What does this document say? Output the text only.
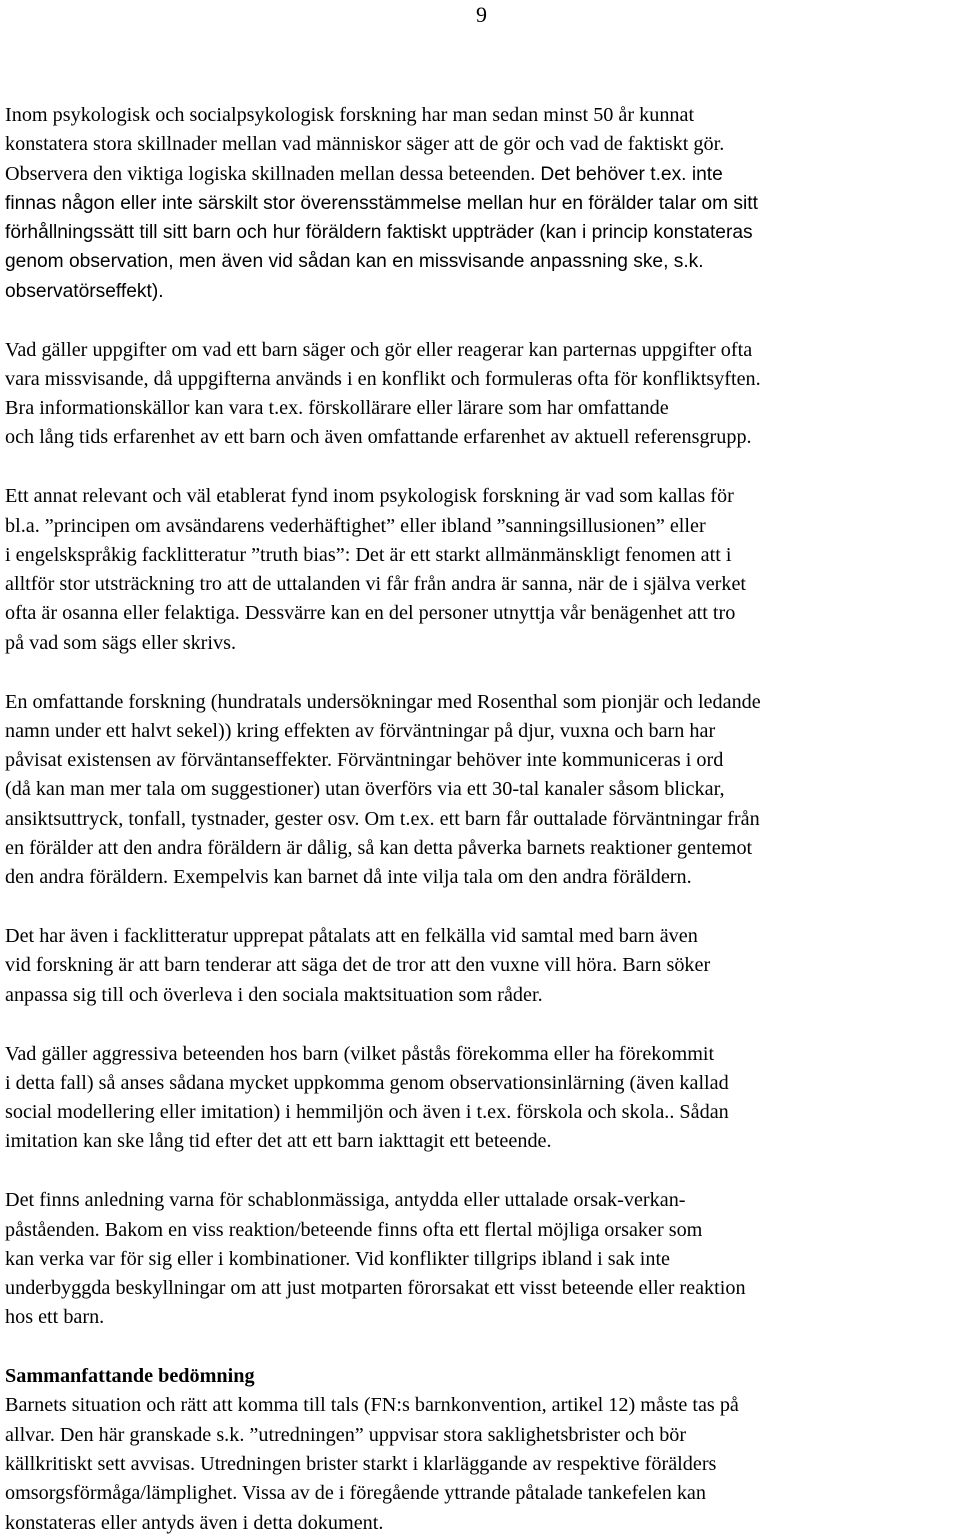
9
Inom psykologisk och socialpsykologisk forskning har man sedan minst 50 år kunnat
konstatera stora skillnader mellan vad människor säger att de gör och vad de faktiskt gör.
Observera den viktiga logiska skillnaden mellan dessa beteenden. Det behöver t.ex. inte
finnas någon eller inte särskilt stor överensstämmelse mellan hur en förälder talar om sitt
förhållningssätt till sitt barn och hur föräldern faktiskt uppträder (kan i princip konstateras
genom observation, men även vid sådan kan en missvisande anpassning ske, s.k.
observatörseffekt).
Vad gäller uppgifter om vad ett barn säger och gör eller reagerar kan parternas uppgifter ofta
vara missvisande, då uppgifterna används i en konflikt och formuleras ofta för konfliktsyften.
Bra informationskällor kan vara t.ex. förskollärare eller lärare som har omfattande
och lång tids erfarenhet av ett barn och även omfattande erfarenhet av aktuell referensgrupp.
Ett annat relevant och väl etablerat fynd inom psykologisk forskning är vad som kallas för
bl.a. ”principen om avsändarens vederhäftighet” eller ibland ”sanningsillusionen” eller
i engelskspråkig facklitteratur ”truth bias”: Det är ett starkt allmänmänskligt fenomen att i
alltför stor utsträckning tro att de uttalanden vi får från andra är sanna, när de i själva verket
ofta är osanna eller felaktiga. Dessvärre kan en del personer utnyttja vår benägenhet att tro
på vad som sägs eller skrivs.
En omfattande forskning (hundratals undersökningar med Rosenthal som pionjär och ledande
namn under ett halvt sekel)) kring effekten av förväntningar på djur, vuxna och barn har
påvisat existensen av förväntanseffekter. Förväntningar behöver inte kommuniceras i ord
(då kan man mer tala om suggestioner) utan överförs via ett 30-tal kanaler såsom blickar,
ansiktsuttryck, tonfall, tystnader, gester osv. Om t.ex. ett barn får outtalade förväntningar från
en förälder att den andra föräldern är dålig, så kan detta påverka barnets reaktioner gentemot
den andra föräldern. Exempelvis kan barnet då inte vilja tala om den andra föräldern.
Det har även i facklitteratur upprepat påtalats att en felkälla vid samtal med barn även
vid forskning är att barn tenderar att säga det de tror att den vuxne vill höra. Barn söker
anpassa sig till och överleva i den sociala maktsituation som råder.
Vad gäller aggressiva beteenden hos barn (vilket påstås förekomma eller ha förekommit
i detta fall) så anses sådana mycket uppkomma genom observationsinlärning (även kallad
social modellering eller imitation) i hemmiljön och även i t.ex. förskola och skola.. Sådan
imitation kan ske lång tid efter det att ett barn iakttagit ett beteende.
Det finns anledning varna för schablonmässiga, antydda eller uttalade orsak-verkan-
påståenden. Bakom en viss reaktion/beteende finns ofta ett flertal möjliga orsaker som
kan verka var för sig eller i kombinationer. Vid konflikter tillgrips ibland i sak inte
underbyggda beskyllningar om att just motparten förorsakat ett visst beteende eller reaktion
hos ett barn.
Sammanfattande bedömning
Barnets situation och rätt att komma till tals (FN:s barnkonvention, artikel 12) måste tas på
allvar. Den här granskade s.k. ”utredningen” uppvisar stora saklighetsbrister och bör
källkritiskt sett avvisas. Utredningen brister starkt i klarläggande av respektive förälders
omsorgsförmåga/lämplighet. Vissa av de i föregående yttrande påtalade tankefelen kan
konstateras eller antyds även i detta dokument.
